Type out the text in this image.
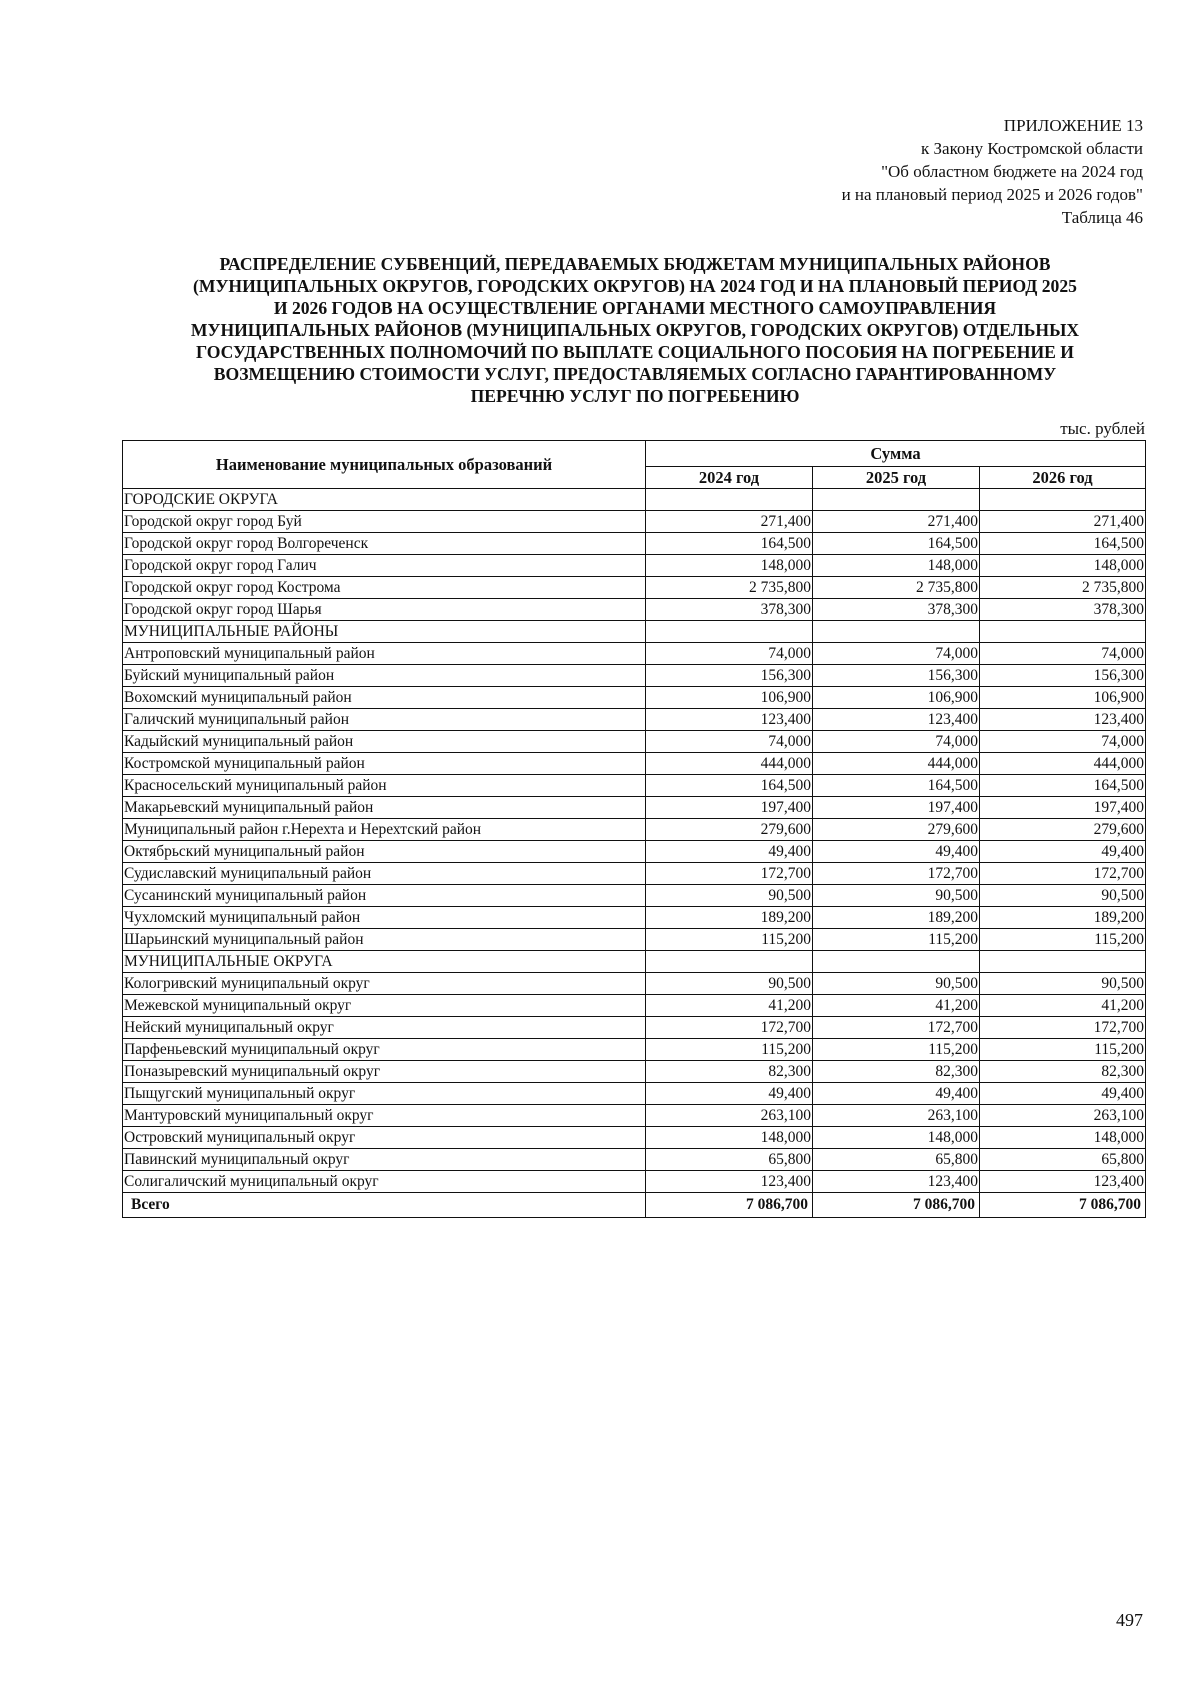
ПРИЛОЖЕНИЕ 13
к Закону Костромской области
"Об областном бюджете на 2024 год
и на плановый период 2025 и 2026 годов"
Таблица 46
РАСПРЕДЕЛЕНИЕ СУБВЕНЦИЙ, ПЕРЕДАВАЕМЫХ БЮДЖЕТАМ МУНИЦИПАЛЬНЫХ РАЙОНОВ
(МУНИЦИПАЛЬНЫХ ОКРУГОВ, ГОРОДСКИХ ОКРУГОВ) НА 2024 ГОД И НА ПЛАНОВЫЙ ПЕРИОД 2025
И 2026 ГОДОВ НА ОСУЩЕСТВЛЕНИЕ ОРГАНАМИ МЕСТНОГО САМОУПРАВЛЕНИЯ
МУНИЦИПАЛЬНЫХ РАЙОНОВ (МУНИЦИПАЛЬНЫХ ОКРУГОВ, ГОРОДСКИХ ОКРУГОВ) ОТДЕЛЬНЫХ
ГОСУДАРСТВЕННЫХ ПОЛНОМОЧИЙ ПО ВЫПЛАТЕ СОЦИАЛЬНОГО ПОСОБИЯ НА ПОГРЕБЕНИЕ И
ВОЗМЕЩЕНИЮ СТОИМОСТИ УСЛУГ, ПРЕДОСТАВЛЯЕМЫХ СОГЛАСНО ГАРАНТИРОВАННОМУ
ПЕРЕЧНЮ УСЛУГ ПО ПОГРЕБЕНИЮ
тыс. рублей
Наименование муниципальных образований	Сумма		
	2024 год	2025 год	2026 год
ГОРОДСКИЕ ОКРУГА			
Городской округ город Буй	271,400	271,400	271,400
Городской округ город Волгореченск	164,500	164,500	164,500
Городской округ город Галич	148,000	148,000	148,000
Городской округ город Кострома	2 735,800	2 735,800	2 735,800
Городской округ город Шарья	378,300	378,300	378,300
МУНИЦИПАЛЬНЫЕ РАЙОНЫ			
Антроповский муниципальный район	74,000	74,000	74,000
Буйский муниципальный район	156,300	156,300	156,300
Вохомский муниципальный район	106,900	106,900	106,900
Галичский муниципальный район	123,400	123,400	123,400
Кадыйский муниципальный район	74,000	74,000	74,000
Костромской муниципальный район	444,000	444,000	444,000
Красносельский муниципальный район	164,500	164,500	164,500
Макарьевский муниципальный район	197,400	197,400	197,400
Муниципальный район г.Нерехта и Нерехтский район	279,600	279,600	279,600
Октябрьский муниципальный район	49,400	49,400	49,400
Судиславский муниципальный район	172,700	172,700	172,700
Сусанинский муниципальный район	90,500	90,500	90,500
Чухломский муниципальный район	189,200	189,200	189,200
Шарьинский муниципальный район	115,200	115,200	115,200
МУНИЦИПАЛЬНЫЕ ОКРУГА			
Кологривский муниципальный округ	90,500	90,500	90,500
Межевской муниципальный округ	41,200	41,200	41,200
Нейский муниципальный округ	172,700	172,700	172,700
Парфеньевский муниципальный округ	115,200	115,200	115,200
Поназыревский муниципальный округ	82,300	82,300	82,300
Пыщугский муниципальный округ	49,400	49,400	49,400
Мантуровский муниципальный округ	263,100	263,100	263,100
Островский муниципальный округ	148,000	148,000	148,000
Павинский муниципальный округ	65,800	65,800	65,800
Солигаличский муниципальный округ	123,400	123,400	123,400
Всего	7 086,700	7 086,700	7 086,700
497
